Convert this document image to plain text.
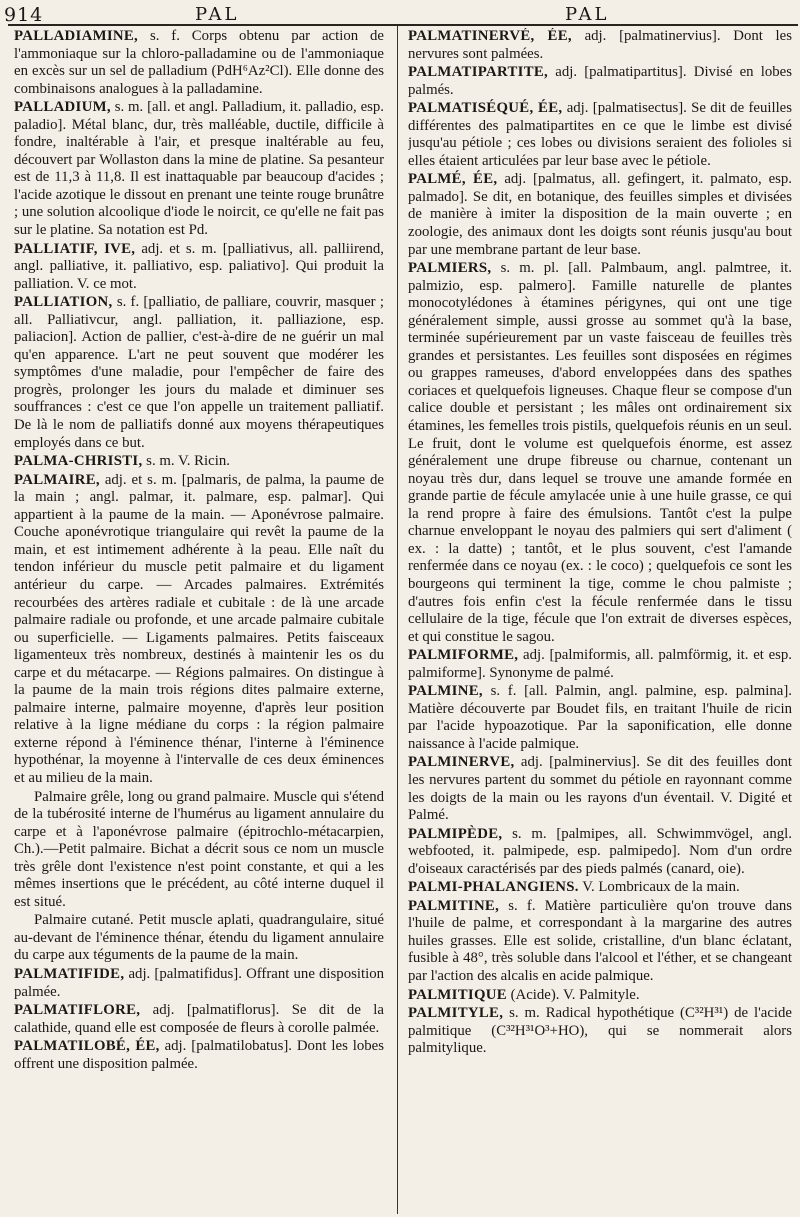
914	PAL	PAL

PALLADIAMINE, s. f. Corps obtenu par action de l'ammoniaque sur la chloro-palladamine ou de l'ammoniaque en excès sur un sel de palladium (PdH⁶Az²Cl). Elle donne des combinaisons analogues à la palladamine.

PALLADIUM, s. m. [all. et angl. Palladium, it. palladio, esp. paladio]. Métal blanc, dur, très malléable, ductile, difficile à fondre, inaltérable à l'air, et presque inaltérable au feu, découvert par Wollaston dans la mine de platine. Sa pesanteur est de 11,3 à 11,8. Il est inattaquable par beaucoup d'acides ; l'acide azotique le dissout en prenant une teinte rouge brunâtre ; une solution alcoolique d'iode le noircit, ce qu'elle ne fait pas sur le platine. Sa notation est Pd.

PALLIATIF, IVE, adj. et s. m. [palliativus, all. palliirend, angl. palliative, it. palliativo, esp. paliativo]. Qui produit la palliation. V. ce mot.

PALLIATION, s. f. [palliatio, de palliare, couvrir, masquer ; all. Palliativcur, angl. palliation, it. palliazione, esp. paliacion]. Action de pallier, c'est-à-dire de ne guérir un mal qu'en apparence. L'art ne peut souvent que modérer les symptômes d'une maladie, pour l'empêcher de faire des progrès, prolonger les jours du malade et diminuer ses souffrances : c'est ce que l'on appelle un traitement palliatif. De là le nom de palliatifs donné aux moyens thérapeutiques employés dans ce but.

PALMA-CHRISTI, s. m. V. Ricin.

PALMAIRE, adj. et s. m. [palmaris, de palma, la paume de la main ; angl. palmar, it. palmare, esp. palmar]. Qui appartient à la paume de la main. — Aponévrose palmaire. Couche aponévrotique triangulaire qui revêt la paume de la main, et est intimement adhérente à la peau. Elle naît du tendon inférieur du muscle petit palmaire et du ligament antérieur du carpe. — Arcades palmaires. Extrémités recourbées des artères radiale et cubitale : de là une arcade palmaire radiale ou profonde, et une arcade palmaire cubitale ou superficielle. — Ligaments palmaires. Petits faisceaux ligamenteux très nombreux, destinés à maintenir les os du carpe et du métacarpe. — Régions palmaires. On distingue à la paume de la main trois régions dites palmaire externe, palmaire interne, palmaire moyenne, d'après leur position relative à la ligne médiane du corps : la région palmaire externe répond à l'éminence thénar, l'interne à l'éminence hypothénar, la moyenne à l'intervalle de ces deux éminences et au milieu de la main.

Palmaire grêle, long ou grand palmaire. Muscle qui s'étend de la tubérosité interne de l'humérus au ligament annulaire du carpe et à l'aponévrose palmaire (épitrochlo-métacarpien, Ch.).—Petit palmaire. Bichat a décrit sous ce nom un muscle très grêle dont l'existence n'est point constante, et qui a les mêmes insertions que le précédent, au côté interne duquel il est situé.

Palmaire cutané. Petit muscle aplati, quadrangulaire, situé au-devant de l'éminence thénar, étendu du ligament annulaire du carpe aux téguments de la paume de la main.

PALMATIFIDE, adj. [palmatifidus]. Offrant une disposition palmée.

PALMATIFLORE, adj. [palmatiflorus]. Se dit de la calathide, quand elle est composée de fleurs à corolle palmée.

PALMATILOBÉ, ÉE, adj. [palmatilobatus]. Dont les lobes offrent une disposition palmée.

PALMATINERVÉ, ÉE, adj. [palmatinervius]. Dont les nervures sont palmées.

PALMATIPARTITE, adj. [palmatipartitus]. Divisé en lobes palmés.

PALMATISÉQUÉ, ÉE, adj. [palmatisectus]. Se dit de feuilles différentes des palmatipartites en ce que le limbe est divisé jusqu'au pétiole ; ces lobes ou divisions seraient des folioles si elles étaient articulées par leur base avec le pétiole.

PALMÉ, ÉE, adj. [palmatus, all. gefingert, it. palmato, esp. palmado]. Se dit, en botanique, des feuilles simples et divisées de manière à imiter la disposition de la main ouverte ; en zoologie, des animaux dont les doigts sont réunis jusqu'au bout par une membrane partant de leur base.

PALMIERS, s. m. pl. [all. Palmbaum, angl. palmtree, it. palmizio, esp. palmero]. Famille naturelle de plantes monocotylédones à étamines périgynes, qui ont une tige généralement simple, aussi grosse au sommet qu'à la base, terminée supérieurement par un vaste faisceau de feuilles très grandes et persistantes. Les feuilles sont disposées en régimes ou grappes rameuses, d'abord enveloppées dans des spathes coriaces et quelquefois ligneuses. Chaque fleur se compose d'un calice double et persistant ; les mâles ont ordinairement six étamines, les femelles trois pistils, quelquefois réunis en un seul. Le fruit, dont le volume est quelquefois énorme, est assez généralement une drupe fibreuse ou charnue, contenant un noyau très dur, dans lequel se trouve une amande formée en grande partie de fécule amylacée unie à une huile grasse, ce qui la rend propre à faire des émulsions. Tantôt c'est la pulpe charnue enveloppant le noyau des palmiers qui sert d'aliment ( ex. : la datte) ; tantôt, et le plus souvent, c'est l'amande renfermée dans ce noyau (ex. : le coco) ; quelquefois ce sont les bourgeons qui terminent la tige, comme le chou palmiste ; d'autres fois enfin c'est la fécule renfermée dans le tissu cellulaire de la tige, fécule que l'on extrait de diverses espèces, et qui constitue le sagou.

PALMIFORME, adj. [palmiformis, all. palmförmig, it. et esp. palmiforme]. Synonyme de palmé.

PALMINE, s. f. [all. Palmin, angl. palmine, esp. palmina]. Matière découverte par Boudet fils, en traitant l'huile de ricin par l'acide hypoazotique. Par la saponification, elle donne naissance à l'acide palmique.

PALMINERVE, adj. [palminervius]. Se dit des feuilles dont les nervures partent du sommet du pétiole en rayonnant comme les doigts de la main ou les rayons d'un éventail. V. Digité et Palmé.

PALMIPÈDE, s. m. [palmipes, all. Schwimmvögel, angl. webfooted, it. palmipede, esp. palmipedo]. Nom d'un ordre d'oiseaux caractérisés par des pieds palmés (canard, oie).

PALMI-PHALANGIENS. V. Lombricaux de la main.

PALMITINE, s. f. Matière particulière qu'on trouve dans l'huile de palme, et correspondant à la margarine des autres huiles grasses. Elle est solide, cristalline, d'un blanc éclatant, fusible à 48°, très soluble dans l'alcool et l'éther, et se changeant par l'action des alcalis en acide palmique.

PALMITIQUE (Acide). V. Palmityle.

PALMITYLE, s. m. Radical hypothétique (C³²H³¹) de l'acide palmitique (C³²H³¹O³+HO), qui se nommerait alors palmitylique.
